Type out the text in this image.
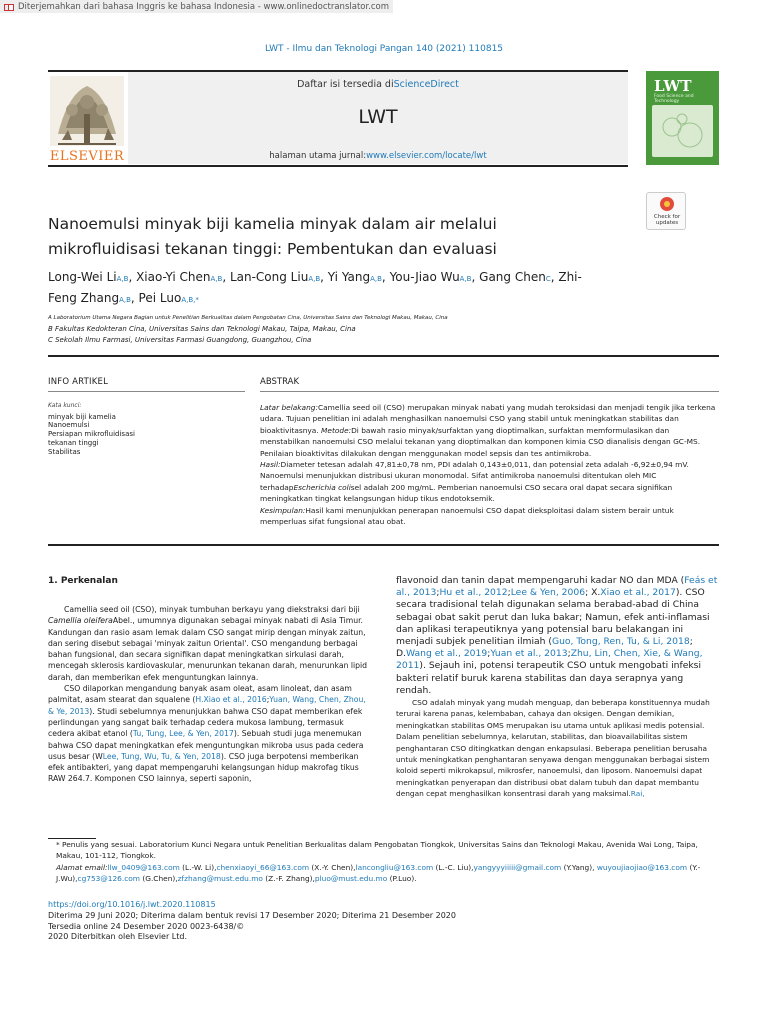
Diterjemahkan dari bahasa Inggris ke bahasa Indonesia - www.onlinedoctranslator.com
LWT - Ilmu dan Teknologi Pangan 140 (2021) 110815
Daftar isi tersedia diScienceDirect
LWT
halaman utama jurnal:www.elsevier.com/locate/lwt
ELSEVIER
LWT
Food Science and Technology
Check for
updates
Nanoemulsi minyak biji kamelia minyak dalam air melalui
mikrofluidisasi tekanan tinggi: Pembentukan dan evaluasi
Long-Wei LiA,B, Xiao-Yi ChenA,B, Lan-Cong LiuA,B, Yi YangA,B, You-Jiao WuA,B, Gang ChenC, Zhi-Feng ZhangA,B, Pei LuoA,B,*
A Laboratorium Utama Negara Bagian untuk Penelitian Berkualitas dalam Pengobatan Cina, Universitas Sains dan Teknologi Makau, Makau, Cina
B Fakultas Kedokteran Cina, Universitas Sains dan Teknologi Makau, Taipa, Makau, Cina
C Sekolah Ilmu Farmasi, Universitas Farmasi Guangdong, Guangzhou, Cina
INFO ARTIKEL	ABSTRAK
Kata kunci:
minyak biji kamelia
Nanoemulsi
Persiapan mikrofluidisasi
tekanan tinggi
Stabilitas

Latar belakang:Camellia seed oil (CSO) merupakan minyak nabati yang mudah teroksidasi dan menjadi tengik jika terkena udara. Tujuan penelitian ini adalah menghasilkan nanoemulsi CSO yang stabil untuk meningkatkan stabilitas dan bioaktivitasnya. Metode:Di bawah rasio minyak/surfaktan yang dioptimalkan, surfaktan memformulasikan dan menstabilkan nanoemulsi CSO melalui tekanan yang dioptimalkan dan komponen kimia CSO dianalisis dengan GC-MS. Penilaian bioaktivitas dilakukan dengan menggunakan model sepsis dan tes antimikroba.

Hasil:Diameter tetesan adalah 47,81±0,78 nm, PDI adalah 0,143±0,011, dan potensial zeta adalah -6,92±0,94 mV. Nanoemulsi menunjukkan distribusi ukuran monomodal. Sifat antimikroba nanoemulsi ditentukan oleh MIC terhadapEscherichia colisel adalah 200 mg/mL. Pemberian nanoemulsi CSO secara oral dapat secara signifikan meningkatkan tingkat kelangsungan hidup tikus endotoksemik.

Kesimpulan:Hasil kami menunjukkan penerapan nanoemulsi CSO dapat dieksploitasi dalam sistem berair untuk memperluas sifat fungsional atau obat.

1. Perkenalan

Camellia seed oil (CSO), minyak tumbuhan berkayu yang diekstraksi dari biji Camellia oleiferaAbel., umumnya digunakan sebagai minyak nabati di Asia Timur. Kandungan dan rasio asam lemak dalam CSO sangat mirip dengan minyak zaitun, dan sering disebut sebagai 'minyak zaitun Oriental'. CSO mengandung berbagai bahan fungsional, dan secara signifikan dapat meningkatkan sirkulasi darah, mencegah sklerosis kardiovaskular, menurunkan tekanan darah, menurunkan lipid darah, dan memberikan efek menguntungkan lainnya.

CSO dilaporkan mengandung banyak asam oleat, asam linoleat, dan asam palmitat, asam stearat dan squalene (H.Xiao et al., 2016;Yuan, Wang, Chen, Zhou, & Ye, 2013). Studi sebelumnya menunjukkan bahwa CSO dapat memberikan efek perlindungan yang sangat baik terhadap cedera mukosa lambung, termasuk cedera akibat etanol (Tu, Tung, Lee, & Yen, 2017). Sebuah studi juga menemukan bahwa CSO dapat meningkatkan efek menguntungkan mikroba usus pada cedera usus besar (WLee, Tung, Wu, Tu, & Yen, 2018). CSO juga berpotensi memberikan efek antibakteri, yang dapat mempengaruhi kelangsungan hidup makrofag tikus RAW 264.7. Komponen CSO lainnya, seperti saponin,

flavonoid dan tanin dapat mempengaruhi kadar NO dan MDA (Feás et al., 2013;Hu et al., 2012;Lee & Yen, 2006; X.Xiao et al., 2017). CSO secara tradisional telah digunakan selama berabad-abad di China sebagai obat sakit perut dan luka bakar; Namun, efek anti-inflamasi dan aplikasi terapeutiknya yang potensial baru belakangan ini menjadi subjek penelitian ilmiah (Guo, Tong, Ren, Tu, & Li, 2018; D.Wang et al., 2019;Yuan et al., 2013;Zhu, Lin, Chen, Xie, & Wang, 2011). Sejauh ini, potensi terapeutik CSO untuk mengobati infeksi bakteri relatif buruk karena stabilitas dan daya serapnya yang rendah.
CSO adalah minyak yang mudah menguap, dan beberapa konstituennya mudah terurai karena panas, kelembaban, cahaya dan oksigen. Dengan demikian, meningkatkan stabilitas OMS merupakan isu utama untuk aplikasi medis potensial. Dalam penelitian sebelumnya, kelarutan, stabilitas, dan bioavailabilitas sistem penghantaran CSO ditingkatkan dengan enkapsulasi. Beberapa penelitian berusaha untuk meningkatkan penghantaran senyawa dengan menggunakan berbagai sistem koloid seperti mikrokapsul, mikrosfer, nanoemulsi, dan liposom. Nanoemulsi dapat meningkatkan penyerapan dan distribusi obat dalam tubuh dan dapat membantu dengan cepat menghasilkan konsentrasi darah yang maksimal.Rai,
* Penulis yang sesuai. Laboratorium Kunci Negara untuk Penelitian Berkualitas dalam Pengobatan Tiongkok, Universitas Sains dan Teknologi Makau, Avenida Wai Long, Taipa, Makau, 101-112, Tiongkok.
Alamat email:llw_0409@163.com (L.-W. Li),chenxiaoyi_66@163.com (X.-Y. Chen),lancongliu@163.com (L.-C. Liu),yangyyyiiiii@gmail.com (Y.Yang), wuyoujiaojiao@163.com (Y.-J.Wu),cg753@126.com (G.Chen),zfzhang@must.edu.mo (Z.-F. Zhang),pluo@must.edu.mo (P.Luo).
https://doi.org/10.1016/j.lwt.2020.110815
Diterima 29 Juni 2020; Diterima dalam bentuk revisi 17 Desember 2020; Diterima 21 Desember 2020
Tersedia online 24 Desember 2020 0023-6438/©
2020 Diterbitkan oleh Elsevier Ltd.
